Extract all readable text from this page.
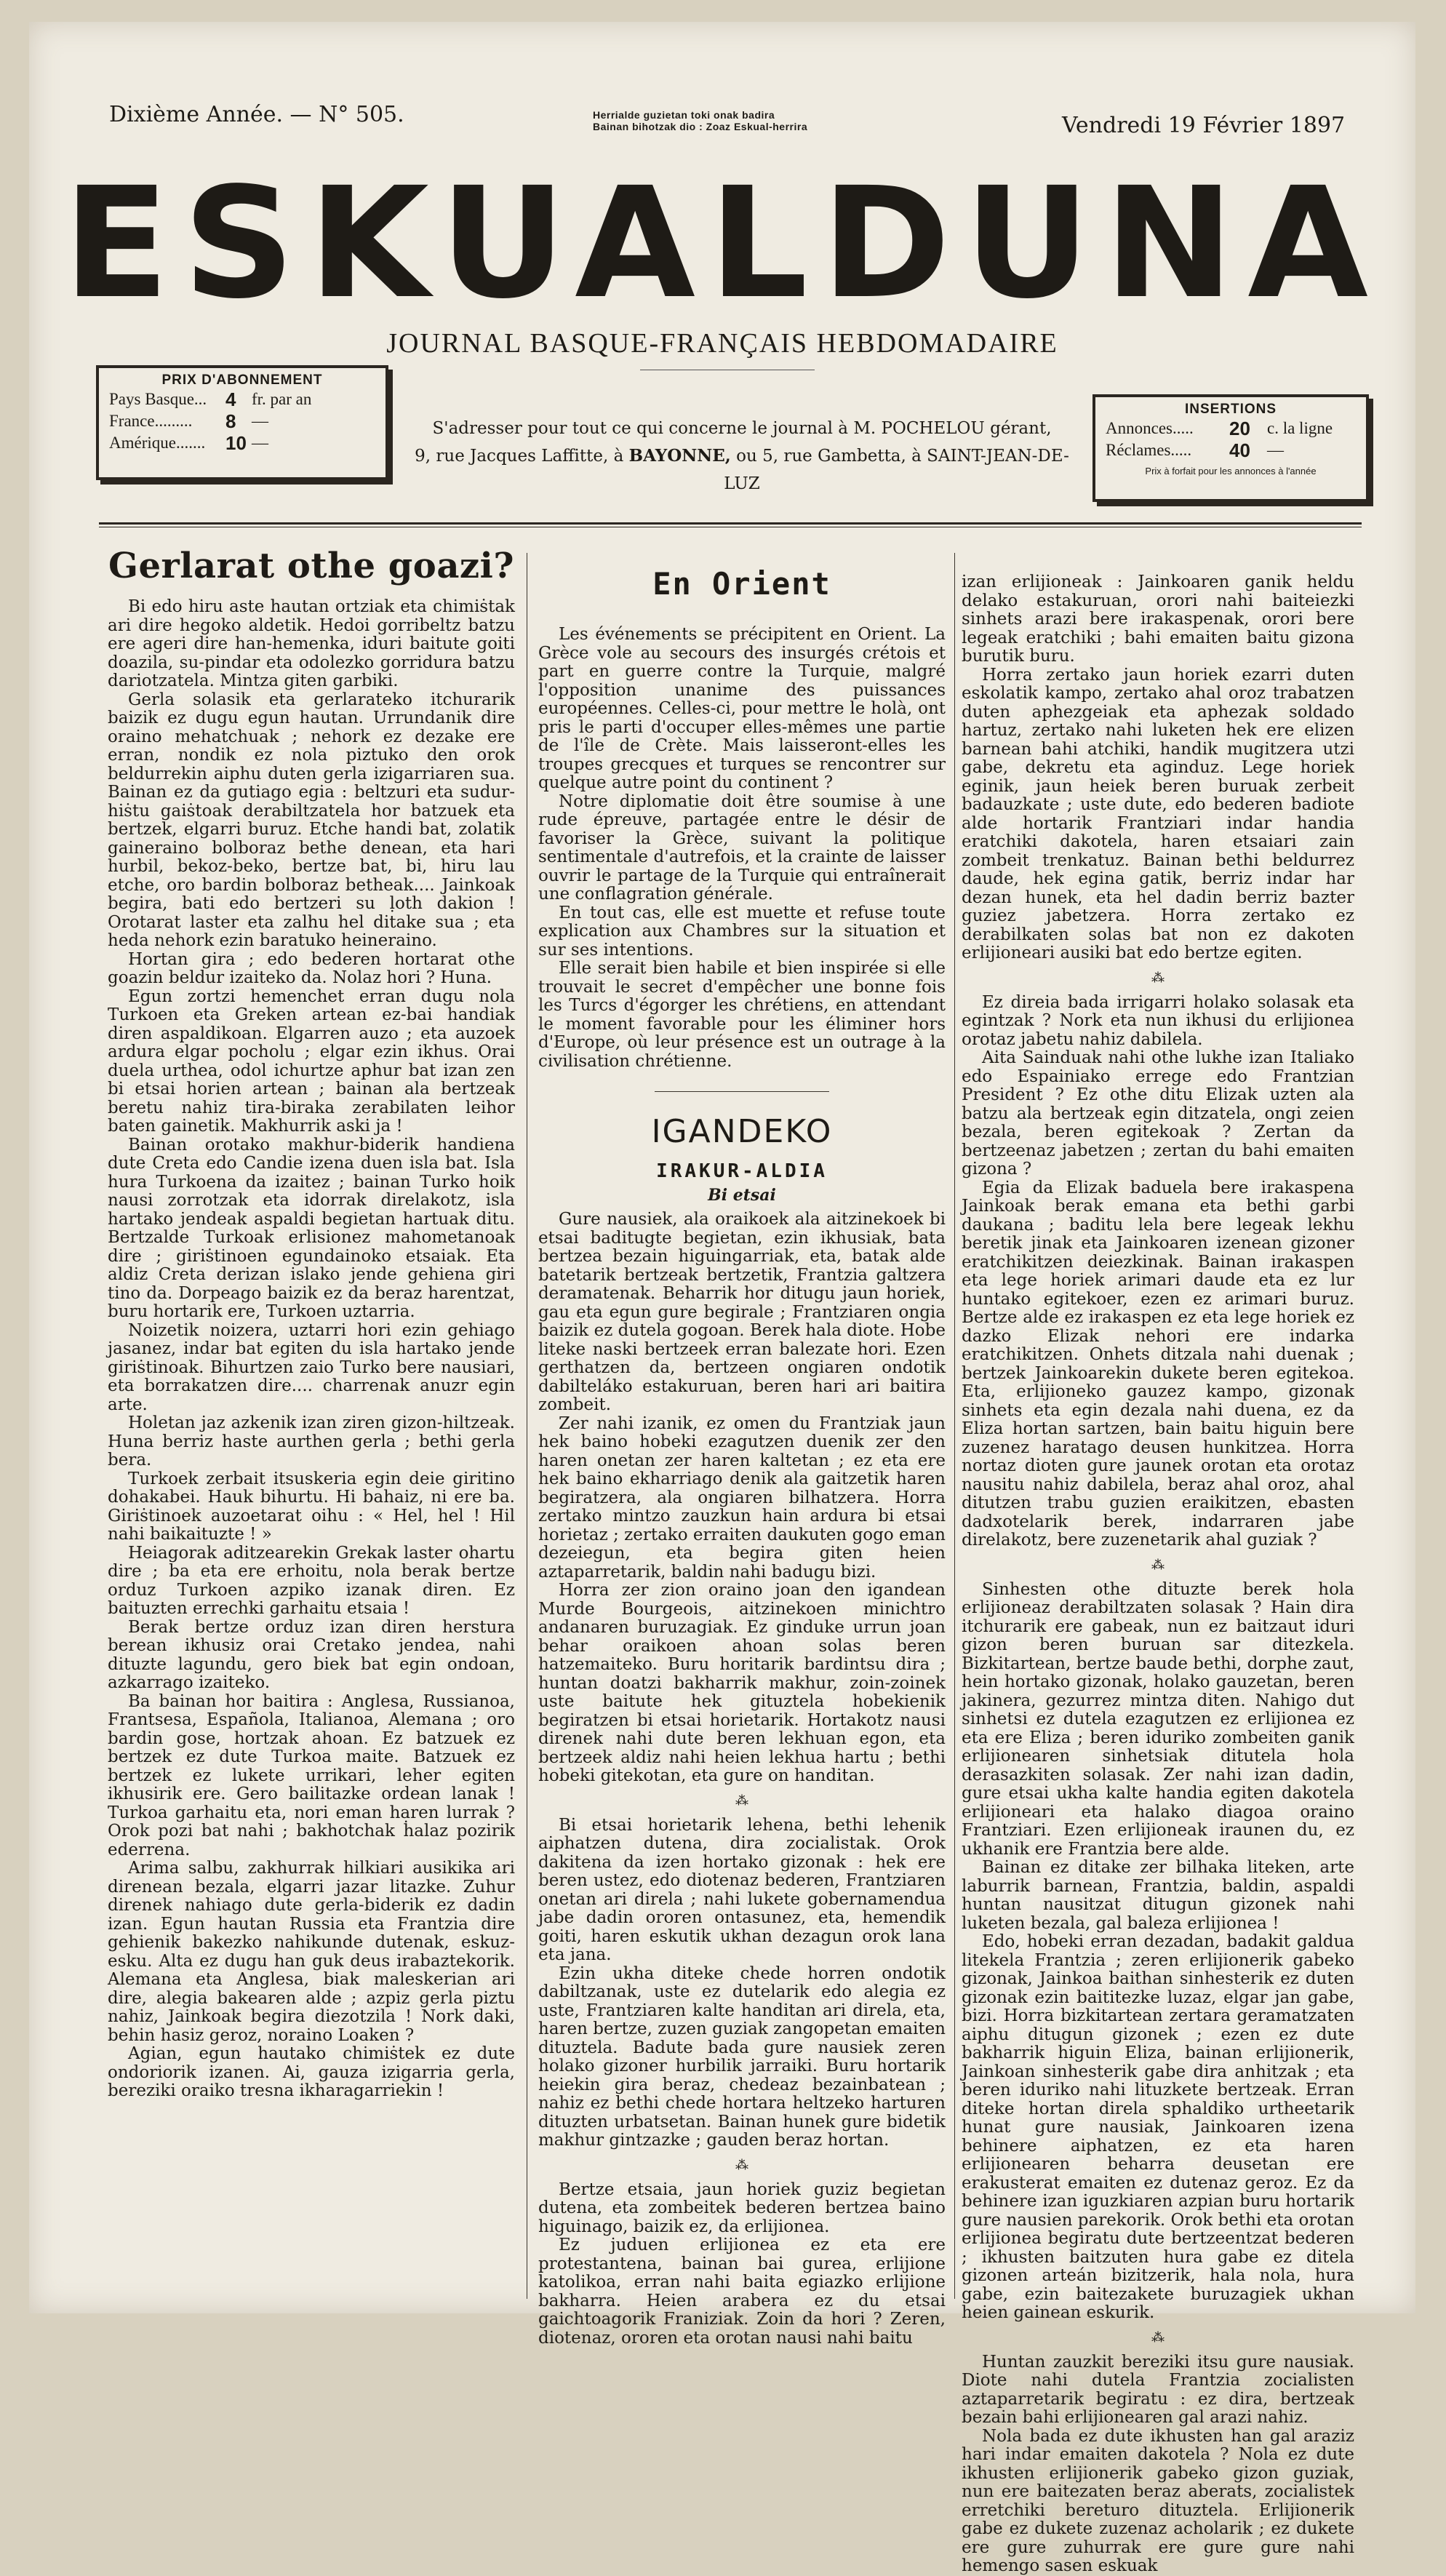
Dixième Année. — N° 505.	Herrialde guzietan toki onak badira
Bainan bihotzak dio : Zoaz Eskual-herrira	Vendredi 19 Février 1897
ESKUALDUNA
JOURNAL BASQUE-FRANÇAIS HEBDOMADAIRE
PRIX D'ABONNEMENT
Pays Basque... 4 fr. par an
France.........	8 —
Amérique.......	10 —
S'adresser pour tout ce qui concerne le journal à M. POCHELOU gérant,
9, rue Jacques Laffitte, à BAYONNE, ou 5, rue Gambetta, à SAINT-JEAN-DE-LUZ
INSERTIONS
Annonces.....	20	c. la ligne
Réclames.....	40	—
Prix à forfait pour les annonces à l'année
Gerlarat othe goazi?

Bi edo hiru aste hautan ortziak eta chimiṡtak ari dire hegoko aldetik. Hedoi gorribeltz batzu ere ageri dire han-hemenka, iduri baitute goiti doazila, su-pindar eta odolezko gorridura batzu dariotzatela. Mintza giten garbiki.

Gerla solasik eta gerlarateko itchurarik baizik ez dugu egun hautan. Urrundanik dire oraino mehatchuak ; nehork ez dezake ere erran, nondik ez nola piztuko den orok beldurrekin aiphu duten gerla izigarriaren sua. Bainan ez da gutiago egia : beltzuri eta sudur-hiṡtu gaiṡtoak derabiltzatela hor batzuek eta bertzek, elgarri buruz. Etche handi bat, zolatik gaineraino bolboraz bethe denean, eta hari hurbil, bekoz-beko, bertze bat, bi, hiru lau etche, oro bardin bolboraz betheak.... Jainkoak begira, bati edo bertzeri su ḷoth dakion ! Orotarat laster eta zalhu hel ditake sua ; eta heda nehork ezin baratuko heineraino.

Hortan gira ; edo bederen hortarat othe goazin beldur izaiteko da. Nolaz hori ? Huna.

Egun zortzi hemenchet erran dugu nola Turkoen eta Greken artean ez-bai handiak diren aspaldikoan. Elgarren auzo ; eta auzoek ardura elgar pocholu ; elgar ezin ikhus. Orai duela urthea, odol ichurtze aphur bat izan zen bi etsai horien artean ; bainan ala bertzeak beretu nahiz tira-biraka zerabilaten leihor baten gainetik. Makhurrik aski ja !

Bainan orotako makhur-biderik handiena dute Creta edo Candie izena duen isla bat. Isla hura Turkoena da izaitez ; bainan Turko hoik nausi zorrotzak eta idorrak direlakotz, isla hartako jendeak aspaldi begietan hartuak ditu. Bertzalde Turkoak erlisionez mahometanoak dire ; giriṡtinoen egundainoko etsaiak. Eta aldiz Creta derizan islako jende gehiena giri tino da. Dorpeago baizik ez da beraz harentzat, buru hortarik ere, Turkoen uztarria.

Noizetik noizera, uztarri hori ezin gehiago jasanez, indar bat egiten du isla hartako jende giriṡtinoak. Bihurtzen zaio Turko bere nausiari, eta borrakatzen dire.... charrenak anuzr egin arte.

Holetan jaz azkenik izan ziren gizon-hiltzeak. Huna berriz haste aurthen gerla ; bethi gerla bera.

Turkoek zerbait itsuskeria egin deie giritino dohakabei. Hauk bihurtu. Hi bahaiz, ni ere ba. Giriṡtinoek auzoetarat oihu : « Hel, hel ! Hil nahi baikaituzte ! »

Heiagorak aditzearekin Grekak laster ohartu dire ; ba eta ere erhoitu, nola berak bertze orduz Turkoen azpiko izanak diren. Ez baituzten errechki garhaitu etsaia !

Berak bertze orduz izan diren herstura berean ikhusiz orai Cretako jendea, nahi dituzte lagundu, gero biek bat egin ondoan, azkarrago izaiteko.

Ba bainan hor baitira : Anglesa, Russianoa, Frantsesa, Española, Italianoa, Alemana ; oro bardin gose, hortzak ahoan. Ez batzuek ez bertzek ez dute Turkoa maite. Batzuek ez bertzek ez lukete urrikari, leher egiten ikhusirik ere. Gero bailitazke ordean lanak ! Turkoa garhaitu eta, nori eman haren lurrak ? Orok pozi bat nahi ; bakhotchak ḣalaz pozirik ederrena.

Arima salbu, zakhurrak hilkiari ausikika ari direnean bezala, elgarri jazar litazke. Zuhur direnek nahiago dute gerla-biderik ez dadin izan. Egun hautan Russia eta Frantzia dire gehienik bakezko nahikunde dutenak, eskuz-esku. Alta ez dugu han guk deus irabaztekorik. Alemana eta Anglesa, biak maleskerian ari dire, alegia bakearen alde ; azpiz gerla piztu nahiz, Jainkoak begira diezotzila ! Nork daki, behin hasiz geroz, noraino Loaken ?

Agian, egun hautako chimiṡtek ez dute ondoriorik izanen. Ai, gauza izigarria gerla, bereziki oraiko tresna ikharagarriekin !

En Orient

Les événements se précipitent en Orient. La Grèce vole au secours des insurgés crétois et part en guerre contre la Turquie, malgré l'opposition unanime des puissances européennes. Celles-ci, pour mettre le holà, ont pris le parti d'occuper elles-mêmes une partie de l'île de Crète. Mais laisseront-elles les troupes grecques et turques se rencontrer sur quelque autre point du continent ?

Notre diplomatie doit être soumise à une rude épreuve, partagée entre le désir de favoriser la Grèce, suivant la politique sentimentale d'autrefois, et la crainte de laisser ouvrir le partage de la Turquie qui entraînerait une conflagration générale.

En tout cas, elle est muette et refuse toute explication aux Chambres sur la situation et sur ses intentions.

Elle serait bien habile et bien inspirée si elle trouvait le secret d'empêcher une bonne fois les Turcs d'égorger les chrétiens, en attendant le moment favorable pour les éliminer hors d'Europe, où leur présence est un outrage à la civilisation chrétienne.

IGANDEKO
IRAKUR-ALDIA
Bi etsai

Gure nausiek, ala oraikoek ala aitzinekoek bi etsai baditugte begietan, ezin ikhusiak, bata bertzea bezain higuingarriak, eta, batak alde batetarik bertzeak bertzetik, Frantzia galtzera deramatenak. Beharrik hor ditugu jaun horiek, gau eta egun gure begirale ; Frantziaren ongia baizik ez dutela gogoan. Berek hala diote. Hobe liteke naski bertzeek erran balezate hori. Ezen gerthatzen da, bertzeen ongiaren ondotik dabilteláko estakuruan, beren hari ari baitira zombeit.

Zer nahi izanik, ez omen du Frantziak jaun hek baino hobeki ezagutzen duenik zer den haren onetan zer haren kaltetan ; ez eta ere hek baino ekharriago denik ala gaitzetik haren begiratzera, ala ongiaren bilhatzera. Horra zertako mintzo zauzkun hain ardura bi etsai horietaz ; zertako erraiten daukuten gogo eman dezeiegun, eta begira giten heien aztaparretarik, baldin nahi badugu bizi.

Horra zer zion oraino joan den igandean Murde Bourgeois, aitzinekoen minichtro andanaren buruzagiak. Ez ginduke urrun joan behar oraikoen ahoan solas beren hatzemaiteko. Buru horitarik bardintsu dira ; huntan doatzi bakharrik makhur, zoin-zoinek uste baitute hek gituztela hobekienik begiratzen bi etsai horietarik. Hortakotz nausi direnek nahi dute beren lekhuan egon, eta bertzeek aldiz nahi heien lekhua hartu ; bethi hobeki gitekotan, eta gure on handitan.

⁂

Bi etsai horietarik lehena, bethi lehenik aiphatzen dutena, dira zocialistak. Orok dakitena da izen hortako gizonak : hek ere beren ustez, edo diotenaz bederen, Frantziaren onetan ari direla ; nahi lukete gobernamenduа jabe dadin ororen ontasunez, eta, hemendik goiti, haren eskutik ukhan dezagun orok lana eta jana.

Ezin ukha ditеke chede horren ondotik dabiltzanak, uste ez dutelarik edo alegia ez uste, Frantziaren kalte handitan ari direla, eta, haren bertze, zuzen guziak zangopetan emaiten dituztela. Badute bada gure nausiek zeren holako gizoner hurbilik jarraiki. Buru hortarik heiekin gira beraz, chedeaz bezainbatean ; nahiz ez bethi chede hortara heltzeko harturen dituzten urbatsetan. Bainan hunek gure bidetik makhur gintzazke ; gauden beraz hortan.

⁂

Bertze etsaia, jaun horiek guziz begietan dutena, eta zombeitek bederen bertzea baino higuinago, baizik ez, da erlijionea.

Ez juduen erlijionea ez eta ere protestantena, bainan bai gurea, erlijione katolikoa, erran nahi baita egiazko erlijione bakharra. Heien arabera ez du etsai gaichtoagorik Franiziak. Zoin da hori ? Zeren, diotenaz, ororen eta orotan nausi nahi baitu

izan erlijioneak : Jainkoaren ganik heldu delako estakuruan, orori nahi baiteiezki sinhets arazi bere irakaspenak, orori bere legeak eratchiki ; bahi emaiten baitu gizona burutik buru.

Horra zertako jaun horiek ezarri duten eskolatik kampo, zertako ahal oroz trabatzen duten aphezgeiak eta aphezak soldado hartuz, zertako nahi luketen hek ere elizen barnean bahi atchiki, handik mugitzera utzi gabe, dekretu eta aginduz. Lege horiek eginik, jaun heiek beren buruak zerbeit badauzkate ; uste dute, edo bederen badiote alde hortarik Frantziari indar handia eratchiki dakotela, haren etsaiari zain zombeit trenkatuz. Bainan bethi beldurrez daude, hek egina gatik, berriz indar har dezan hunek, eta hel dadin berriz bazter guziez jabetzera. Horra zertako ez derabilkaten solas bat non ez dakoten erlijioneari ausiki bat edo bertze egiten.

⁂

Ez direia bada irrigarri holako solasak eta egintzak ? Nork eta nun ikhusi du erlijionea orotaz jabetu nahiz dabilela.

Aita Sainduak nahi othe lukhe izan Italiako edo Espainiako erregе edo Frantzian President ? Ez othe ditu Elizak uzten ala batzu ala bertzeak egin ditzatela, ongi zeien bezala, beren egitekoak ? Zertan da bertzeenaz jabetzen ; zertan du bahi emaiten gizona ?

Egia da Elizak baduela bere irakaspena Jainkoak berak emana eta bethi garbi daukana ; baditu lela bere legeak lekhu beretik jinak eta Jainkoaren izenean gizoner eratchikitzen deiezkinak. Bainan irakaspen eta lege horiek arimari daude eta ez lur huntako egitekoer, ezen ez arimari buruz. Bertze alde ez irakaspen ez eta lege horiek ez dazko Elizak nehori ere indarka eratchikitzen. Onhets ditzala nahi duenak ; bertzek Jainkoarekin dukete beren egitekoa. Eta, erlijioneko gauzez kampo, gizonak sinhets eta egin dezala nahi duena, ez da Eliza hortan sartzen, bain baitu higuin bere zuzenez haratago deusen hunkitzea. Horra nortaz dioten gure jaunek orotan eta orotaz nausitu nahiz dabilela, beraz ahal oroz, ahal ditutzen trabu guzien eraikitzen, ebasten dadxotelarik berek, indarraren jabe direlakotz, bere zuzenetarik ahal guziak ?

⁂

Sinhesten othe dituzte berek hola erlijioneaz derabiltzaten solasak ? Hain dira itchurarik ere gabeak, nun ez baitzaut iduri gizon beren buruan sar ditezkela. Bizkitartean, bertze baude bethi, dorphe zaut, hein hortako gizonak, holako gauzetan, beren jakinera, gezurrez mintza diten. Nahigo dut sinhetsi ez dutela ezagutzen ez erlijionea ez eta ere Eliza ; beren iduriko zombeiten ganik erlijionearen sinhetsiak ditutela hola derasazkiten solasak. Zer nahi izan dadin, gure etsai ukha kalte handia egiten dakotela erlijioneari eta halako diagoa oraino Frantziari. Ezen erlijioneak iraunen du, ez ukhanik ere Frantzia bere alde.

Bainan ez ditake zer bilhaka liteken, arte laburrik barnean, Frantzia, baldin, aspaldi huntan nausitzat ditugun gizonek nahi luketen bezala, gal baleza erlijionea !

Edo, hobeki erran dezadan, badakit galdua litekela Frantzia ; zeren erlijionerik gabeko gizonak, Jainkoa baithan sinhesterik ez duten gizonak ezin baititezke luzaz, elgar jan gabe, bizi. Horra bizkitartean zertara geramatzaten aiphu ditugun gizonek ; ezen ez dute bakharrik higuin Eliza, bainan erlijionerik, Jainkoan sinhesterik gabe dira anhitzak ; eta beren iduriko nahi lituzkete bertzeak. Erran ditеke hortan direla sphaldiko urtheetarik hunat gure nausiak, Jainkoaren izena behinere aiphatzen, ez eta haren erlijionearen beharra deusetan ere erakusterat emaiten ez dutenaz geroz. Ez da behinere izan iguzkiaren azpian buru hortarik gure nausien parekorik. Orok bethi eta orotan erlijionea begiratu dute bertzeentzat bederen ; ikhusten baitzuten hura gabe ez ditela gizonen arteán bizitzerik, hala nola, hura gabe, ezin baitezakete buruzagiek ukhan heien gainean eskurik.

⁂

Huntan zauzkit bereziki itsu gure nausiak. Diote nahi dutela Frantzia zocialisten aztaparretarik begiratu : ez dira, bertzeak bezain bahi erlijionearen gal arazi nahiz.

Nola bada ez dute ikhusten han gal araziz hari indar emaiten dakotela ? Nola ez dute ikhusten erlijionerik gabeko gizon guziak, nun ere baitezaten beraz aberats, zocialistek erretchiki bereturo dituztela. Erlijionerik gabe ez dukete zuzenaz acholarik ; ez dukete ere gure zuhurrak ere gure gure nahi hemengo sasen eskuak
